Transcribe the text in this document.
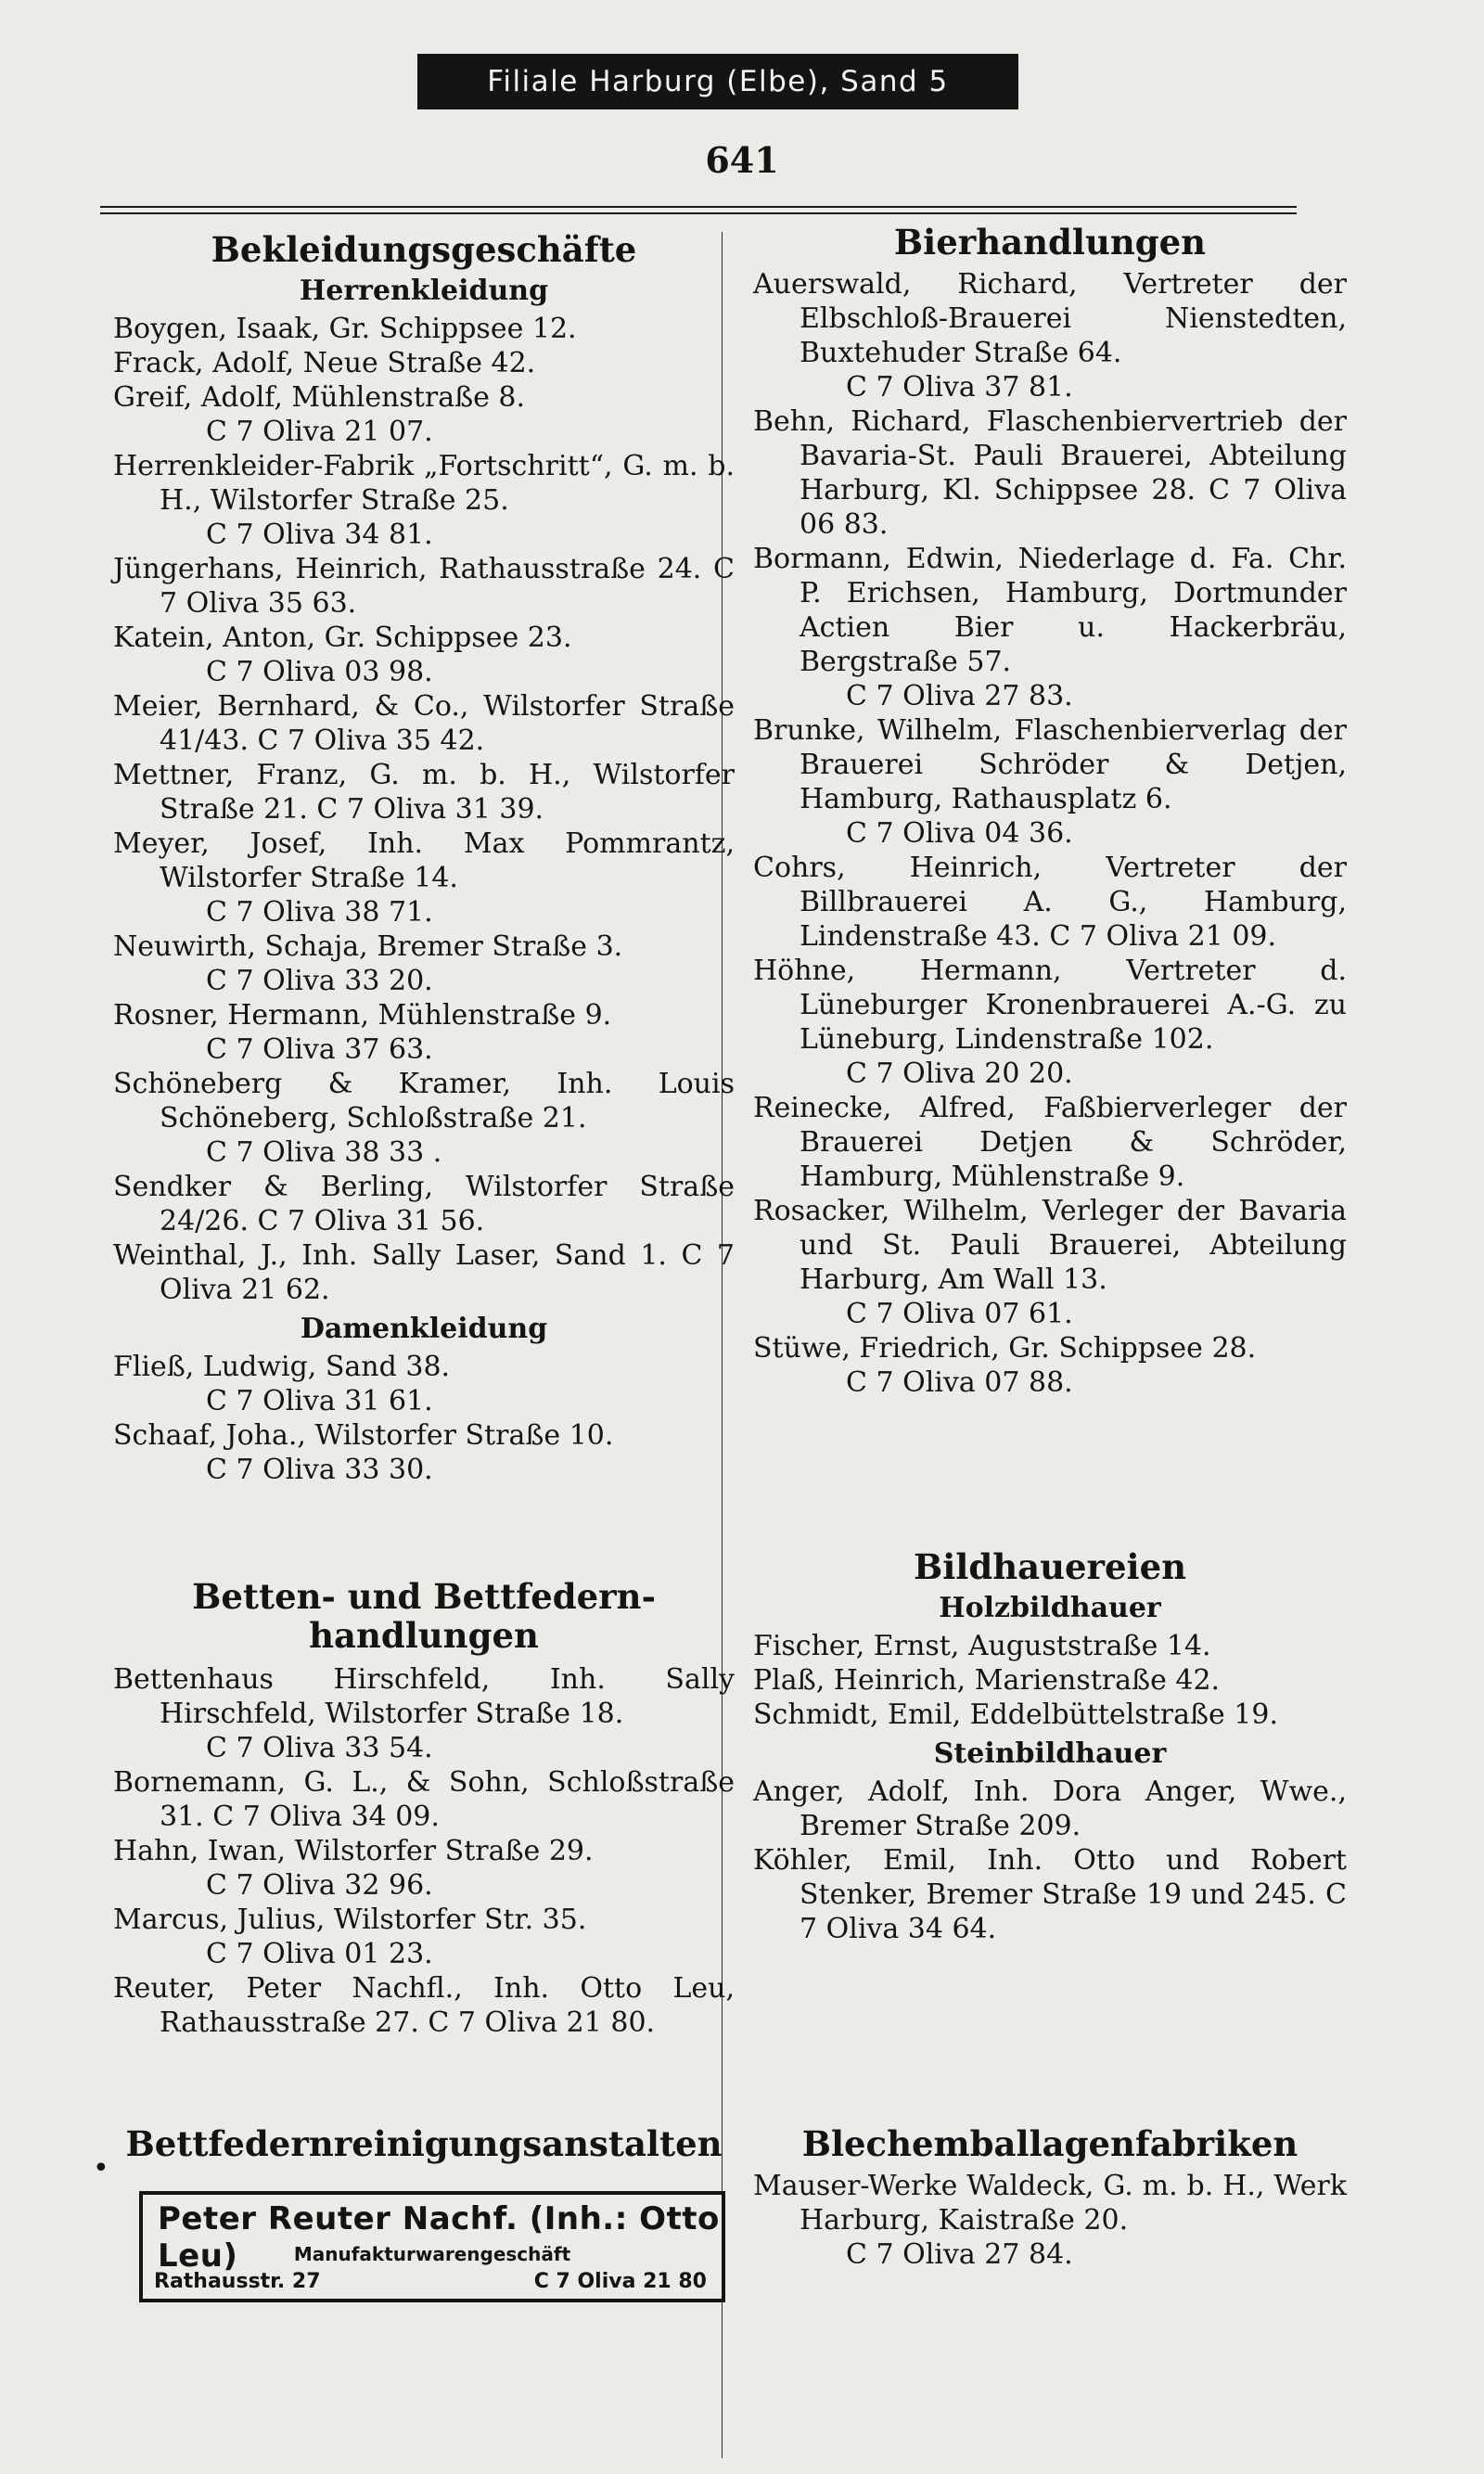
Filiale Harburg (Elbe), Sand 5
641

Bekleidungsgeschäfte

Herrenkleidung

Boygen, Isaak, Gr. Schippsee 12.

Frack, Adolf, Neue Straße 42.

Greif, Adolf, Mühlenstraße 8.
C 7 Oliva 21 07.

Herrenkleider-Fabrik „Fortschritt“, G. m. b. H., Wilstorfer Straße 25.
C 7 Oliva 34 81.

Jüngerhans, Heinrich, Rathausstraße 24. C 7 Oliva 35 63.

Katein, Anton, Gr. Schippsee 23.
C 7 Oliva 03 98.

Meier, Bernhard, & Co., Wilstorfer Straße 41/43. C 7 Oliva 35 42.

Mettner, Franz, G. m. b. H., Wilstorfer Straße 21. C 7 Oliva 31 39.

Meyer, Josef, Inh. Max Pommrantz, Wilstorfer Straße 14.
C 7 Oliva 38 71.

Neuwirth, Schaja, Bremer Straße 3.
C 7 Oliva 33 20.

Rosner, Hermann, Mühlenstraße 9.
C 7 Oliva 37 63.

Schöneberg & Kramer, Inh. Louis Schöneberg, Schloßstraße 21.
C 7 Oliva 38 33 .

Sendker & Berling, Wilstorfer Straße 24/26. C 7 Oliva 31 56.

Weinthal, J., Inh. Sally Laser, Sand 1. C 7 Oliva 21 62.

Damenkleidung

Fließ, Ludwig, Sand 38.
C 7 Oliva 31 61.

Schaaf, Joha., Wilstorfer Straße 10.
C 7 Oliva 33 30.

Betten- und Bettfedern-

handlungen

Bettenhaus Hirschfeld, Inh. Sally Hirschfeld, Wilstorfer Straße 18.
C 7 Oliva 33 54.

Bornemann, G. L., & Sohn, Schloßstraße 31. C 7 Oliva 34 09.

Hahn, Iwan, Wilstorfer Straße 29.
C 7 Oliva 32 96.

Marcus, Julius, Wilstorfer Str. 35.
C 7 Oliva 01 23.

Reuter, Peter Nachfl., Inh. Otto Leu, Rathausstraße 27. C 7 Oliva 21 80.

Bettfedernreinigungsanstalten

•
Peter Reuter Nachf. (Inh.: Otto Leu)	Manufakturwarengeschäft
Rathausstr. 27	C 7 Oliva 21 80

Bierhandlungen

Auerswald, Richard, Vertreter der Elbschloß-Brauerei Nienstedten, Buxtehuder Straße 64.
C 7 Oliva 37 81.

Behn, Richard, Flaschenbiervertrieb der Bavaria-St. Pauli Brauerei, Abteilung Harburg, Kl. Schippsee 28. C 7 Oliva 06 83.

Bormann, Edwin, Niederlage d. Fa. Chr. P. Erichsen, Hamburg, Dortmunder Actien Bier u. Hackerbräu, Bergstraße 57.
C 7 Oliva 27 83.

Brunke, Wilhelm, Flaschenbierverlag der Brauerei Schröder & Detjen, Hamburg, Rathausplatz 6.
C 7 Oliva 04 36.

Cohrs, Heinrich, Vertreter der Billbrauerei A. G., Hamburg, Lindenstraße 43. C 7 Oliva 21 09.

Höhne, Hermann, Vertreter d. Lüneburger Kronenbrauerei A.-G. zu Lüneburg, Lindenstraße 102.
C 7 Oliva 20 20.

Reinecke, Alfred, Faßbierverleger der Brauerei Detjen & Schröder, Hamburg, Mühlenstraße 9.

Rosacker, Wilhelm, Verleger der Bavaria und St. Pauli Brauerei, Abteilung Harburg, Am Wall 13.
C 7 Oliva 07 61.

Stüwe, Friedrich, Gr. Schippsee 28.
C 7 Oliva 07 88.

Bildhauereien

Holzbildhauer

Fischer, Ernst, Auguststraße 14.

Plaß, Heinrich, Marienstraße 42.

Schmidt, Emil, Eddelbüttelstraße 19.

Steinbildhauer

Anger, Adolf, Inh. Dora Anger, Wwe., Bremer Straße 209.

Köhler, Emil, Inh. Otto und Robert Stenker, Bremer Straße 19 und 245. C 7 Oliva 34 64.

Blechemballagenfabriken

Mauser-Werke Waldeck, G. m. b. H., Werk Harburg, Kaistraße 20.
C 7 Oliva 27 84.
